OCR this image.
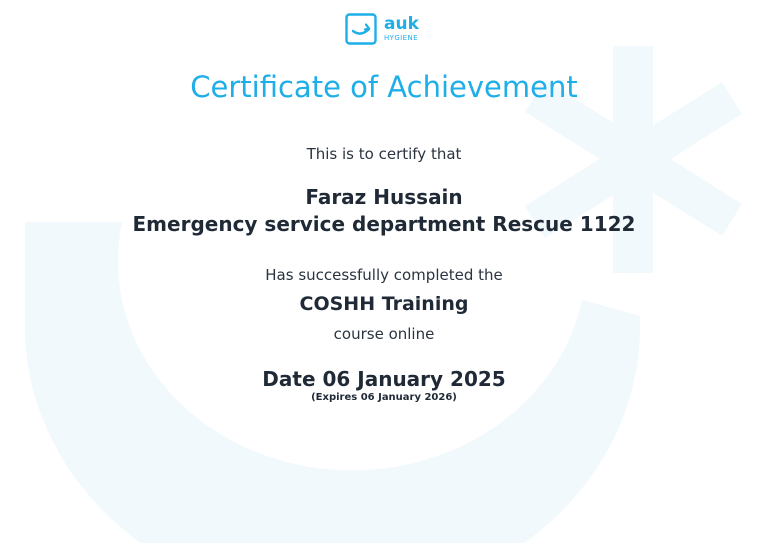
auk
HYGIENE
Certificate of Achievement
This is to certify that
Faraz Hussain
Emergency service department Rescue 1122
Has successfully completed the
COSHH Training
course online
Date 06 January 2025
(Expires 06 January 2026)
